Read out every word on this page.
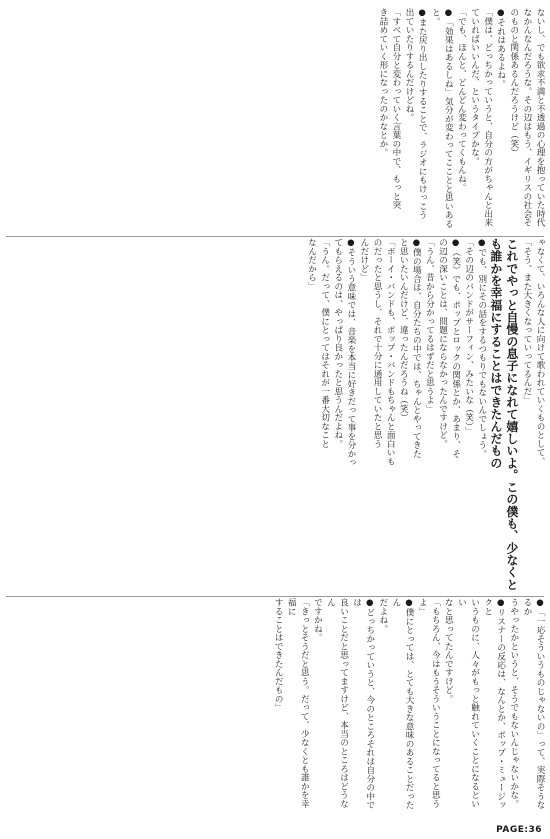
ないし、でも欲求不満と不透過の心理を抱っていた時代

なかんなんだろうな。その辺はもう、イギリスの社会そ

のものと関係あるんだろうけど（笑）

●それはあるよね。

「僕は、どっちかっていうと、自分の方がちゃんと出来

ていればいいんだ、というタイプかな。

「でも、ほんと、どんどん変わってくもんね。

●「効果はあるしね」気分が変わってこことと思いあると。

●また戻り出したりすることで、ラジオにもけっこう

出ていたりするんだけどね。

「すべて自分と変わっていく言葉の中で、もっと突

き詰めていく形になったのかなとか。

ゃなくて、いろんな人に向けて歌われていくものとして、

「そう、また大きくなっていってるんだ」

これでやっと自慢の息子になれて嬉しいよ。この僕も、少なくとも誰かを幸福にすることはできたんだもの

●でも、別にその話をするつもりでもないんでしょう。

「その辺のバンドがサーフィン、みたいな（笑）」

●（笑）でも、ポップとロックの関係とか、あまり、そ

の辺の深いことは、問題にならなかったんですけど。

「うん、昔から分かってるはずだと思うよ」

●僕の場合は、自分たちの中では、ちゃんとやってきた

と思いたいんだけど、違ったんだろうね（笑）

「ボーイ・バンドも、ポップ・バンドもちゃんと面白いも

のだったと思うし、それで十分に通用していたと思う

んだけど」

●そういう意味では、音楽を本当に好きだって事を分かっ

てもらえるのは、やっぱり良かったと思うんだよね。

「うん。だって、僕にとってはそれが一番大切なこと

なんだから」

●「一応そういうものじゃないの」って、実際そうなるか

うやったかというと、そうでもないんじゃないかな。

●リスナーの反応は、なんとか、ポップ・ミュージックと

いうものに、人々がもっと触れていくことになるといい

なと思ってたんですけど。

「もちろん、今はもうそういうことになってると思うよ」

●僕にとっては、とても大きな意味のあることだったん

だよね。

●どっちかっていうと、今のところそれは自分の中では

良いことだと思ってますけど、本当のところはどうなん

ですかね。

「きっとそうだと思う。だって、少なくとも誰かを幸福に

することはできたんだもの」

PAGE:36
